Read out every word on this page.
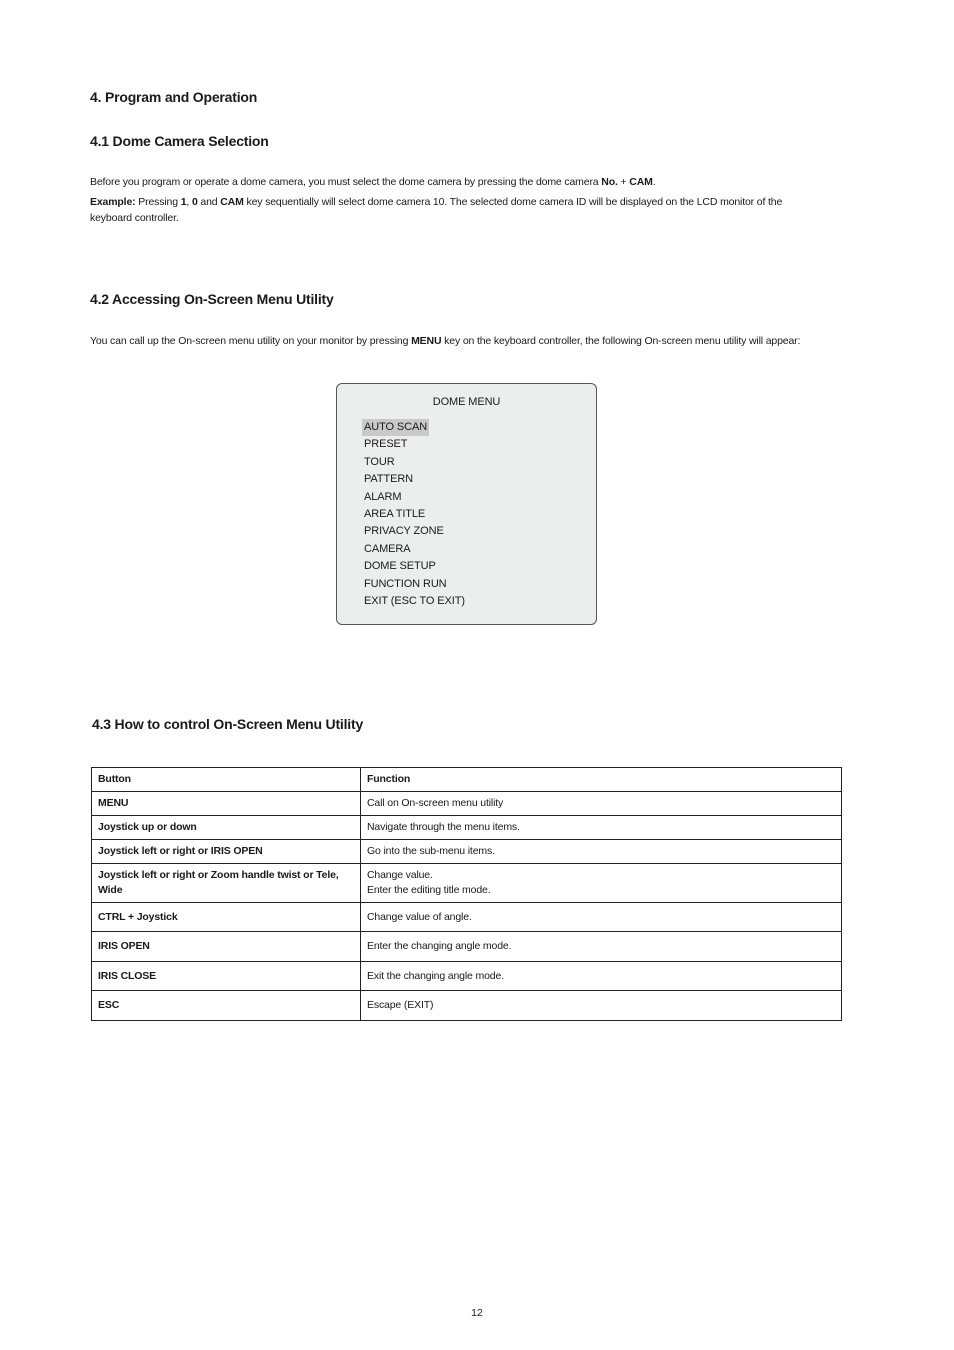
4. Program and Operation
4.1 Dome Camera Selection
Before you program or operate a dome camera, you must select the dome camera by pressing the dome camera No. + CAM.
Example: Pressing 1, 0 and CAM key sequentially will select dome camera 10. The selected dome camera ID will be displayed on the LCD monitor of the
keyboard controller.
4.2 Accessing On-Screen Menu Utility
You can call up the On-screen menu utility on your monitor by pressing MENU key on the keyboard controller, the following On-screen menu utility will appear:
DOME MENU
AUTO SCAN
PRESET
TOUR
PATTERN
ALARM
AREA TITLE
PRIVACY ZONE
CAMERA
DOME SETUP
FUNCTION RUN
EXIT (ESC TO EXIT)
4.3 How to control On-Screen Menu Utility
Button	Function
MENU	Call on On-screen menu utility
Joystick up or down	Navigate through the menu items.
Joystick left or right or IRIS OPEN	Go into the sub-menu items.
Joystick left or right or Zoom handle twist or Tele, Wide	Change value.
Enter the editing title mode.

CTRL + Joystick	Change value of angle.
IRIS OPEN	Enter the changing angle mode.
IRIS CLOSE	Exit the changing angle mode.
ESC	Escape (EXIT)
12
